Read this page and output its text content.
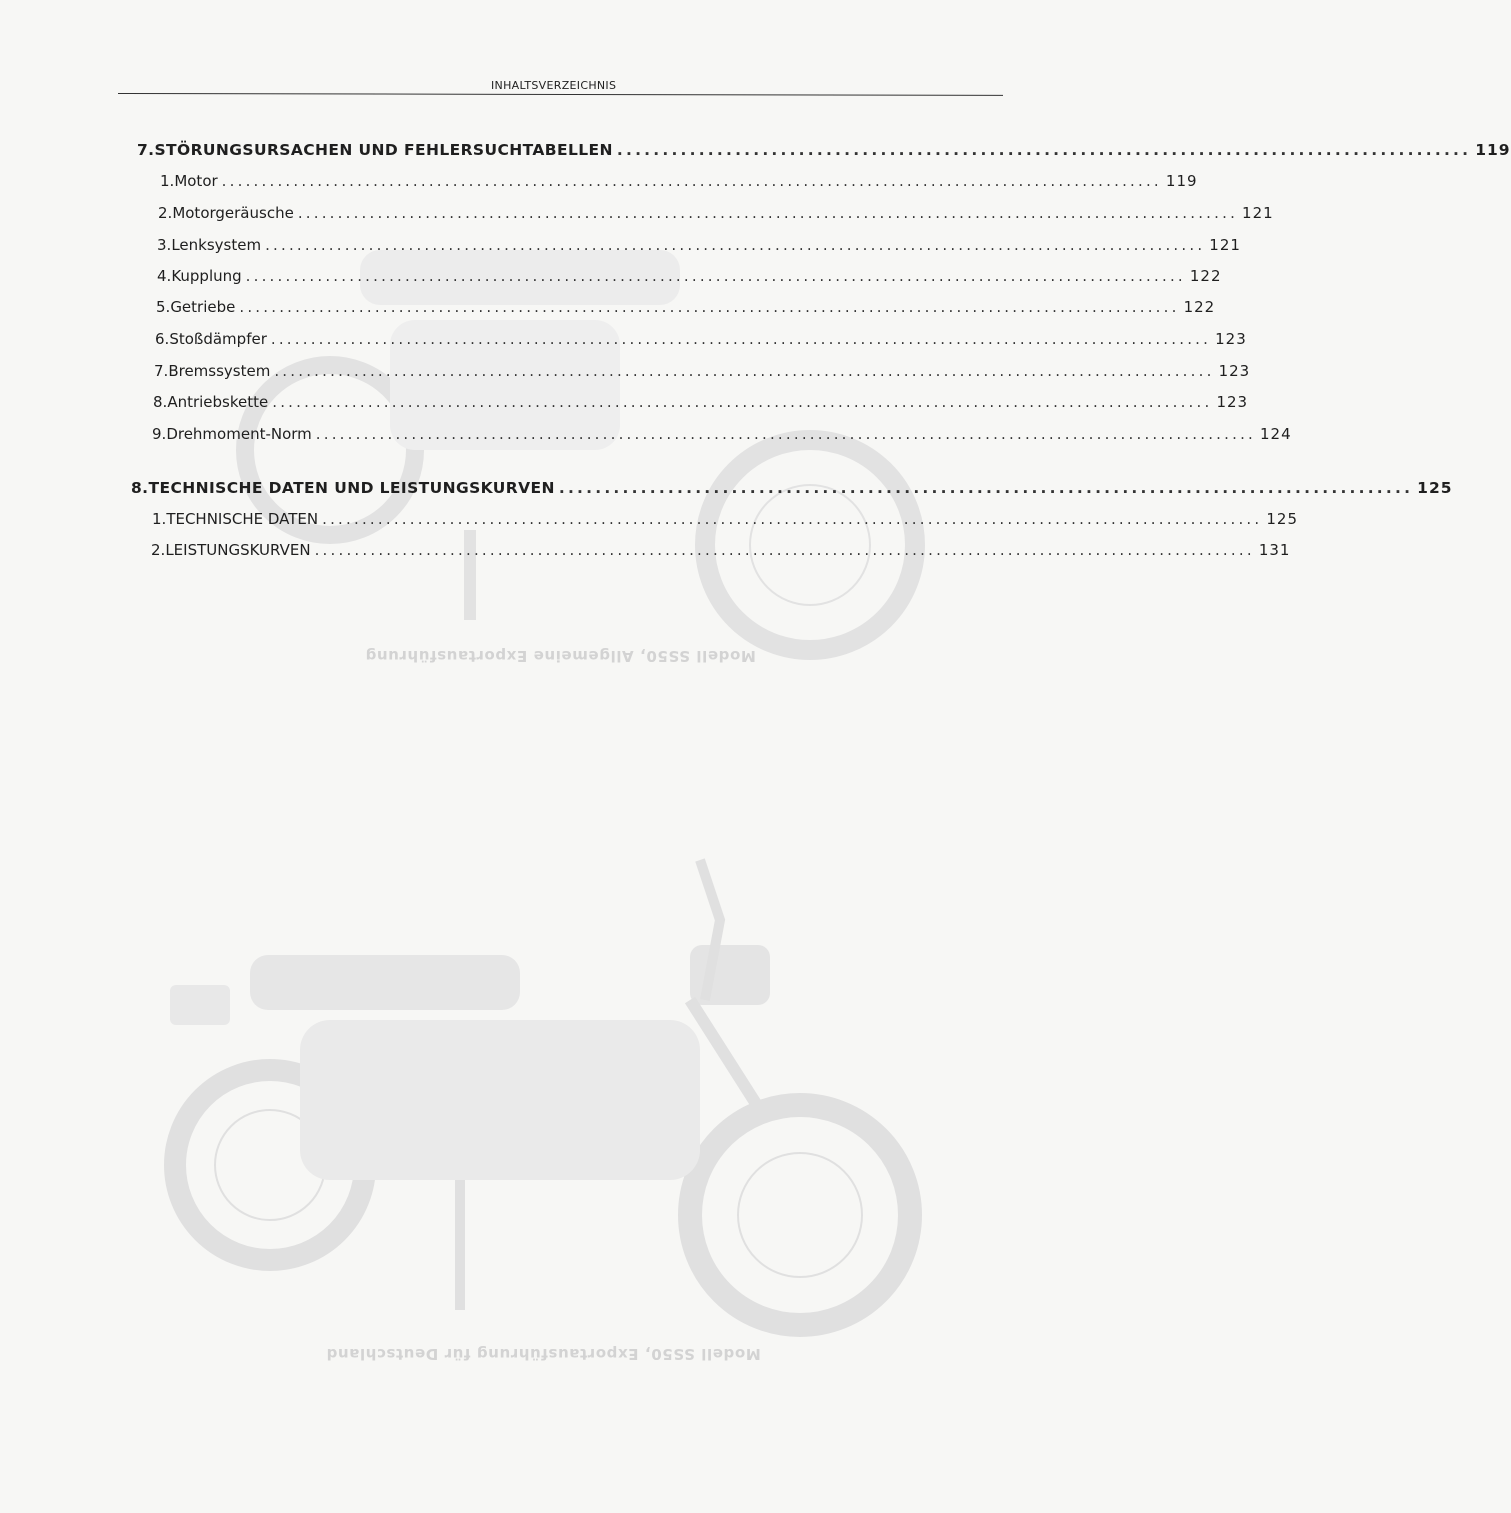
Modell SS50, Allgemeine Exportausführung
Modell SS50, Exportausführung für Deutschland
INHALTSVERZEICHNIS
7. STÖRUNGSURSACHEN UND FEHLERSUCHTABELLEN .............................................................................................. 119
1. Motor ...................................................................................................................... 119
2. Motorgeräusche ...................................................................................................................... 121
3. Lenksystem ...................................................................................................................... 121
4. Kupplung ...................................................................................................................... 122
5. Getriebe ...................................................................................................................... 122
6. Stoßdämpfer ...................................................................................................................... 123
7. Bremssystem ...................................................................................................................... 123
8. Antriebskette ...................................................................................................................... 123
9. Drehmoment-Norm ...................................................................................................................... 124
8. TECHNISCHE DATEN UND LEISTUNGSKURVEN .............................................................................................. 125
1. TECHNISCHE DATEN ...................................................................................................................... 125
2. LEISTUNGSKURVEN ...................................................................................................................... 131
